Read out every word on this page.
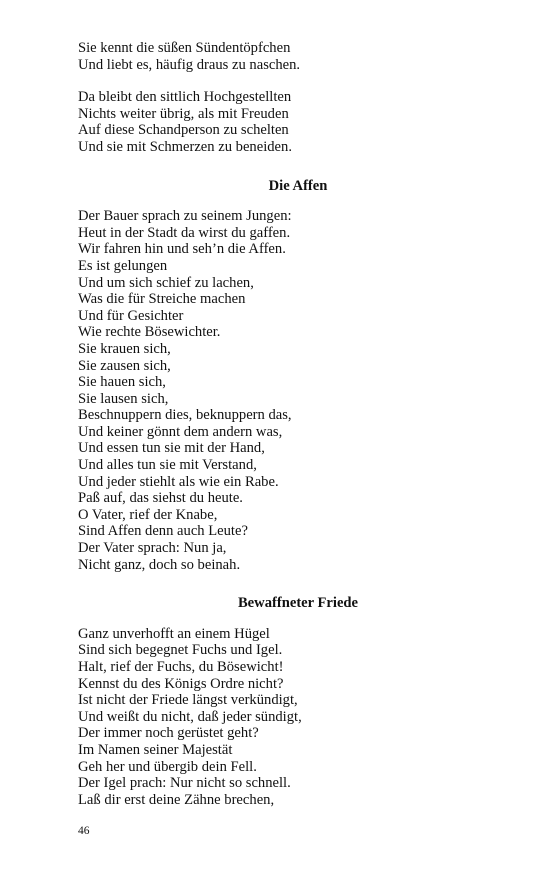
Sie kennt die süßen Sündentöpfchen
Und liebt es, häufig draus zu naschen.
Da bleibt den sittlich Hochgestellten
Nichts weiter übrig, als mit Freuden
Auf diese Schandperson zu schelten
Und sie mit Schmerzen zu beneiden.
Die Affen
Der Bauer sprach zu seinem Jungen:
Heut in der Stadt da wirst du gaffen.
Wir fahren hin und seh’n die Affen.
Es ist gelungen
Und um sich schief zu lachen,
Was die für Streiche machen
Und für Gesichter
Wie rechte Bösewichter.
Sie krauen sich,
Sie zausen sich,
Sie hauen sich,
Sie lausen sich,
Beschnuppern dies, beknuppern das,
Und keiner gönnt dem andern was,
Und essen tun sie mit der Hand,
Und alles tun sie mit Verstand,
Und jeder stiehlt als wie ein Rabe.
Paß auf, das siehst du heute.
O Vater, rief der Knabe,
Sind Affen denn auch Leute?
Der Vater sprach: Nun ja,
Nicht ganz, doch so beinah.
Bewaffneter Friede
Ganz unverhofft an einem Hügel
Sind sich begegnet Fuchs und Igel.
Halt, rief der Fuchs, du Bösewicht!
Kennst du des Königs Ordre nicht?
Ist nicht der Friede längst verkündigt,
Und weißt du nicht, daß jeder sündigt,
Der immer noch gerüstet geht?
Im Namen seiner Majestät
Geh her und übergib dein Fell.
Der Igel prach: Nur nicht so schnell.
Laß dir erst deine Zähne brechen,
46
